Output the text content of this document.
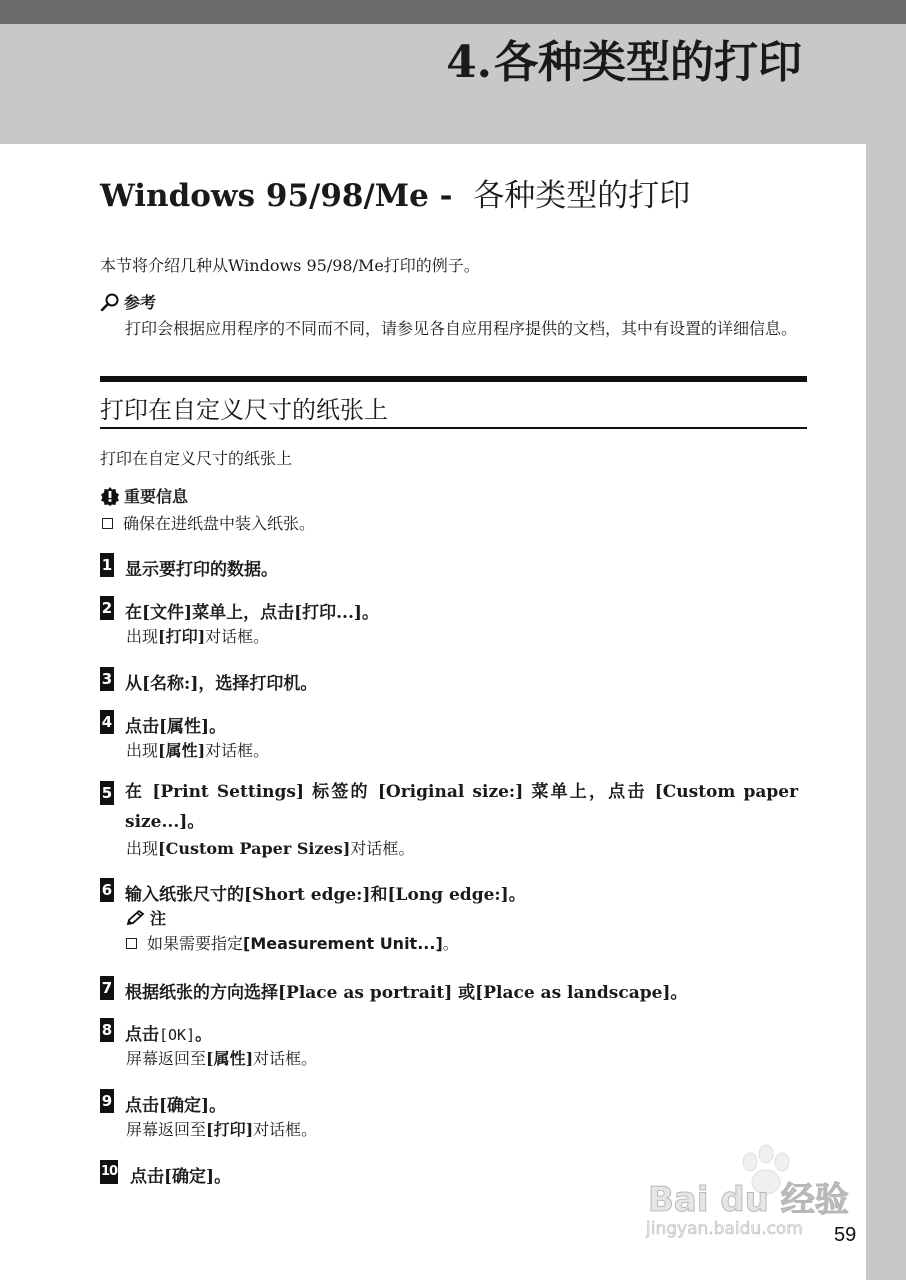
4.各种类型的打印
Windows 95/98/Me - 各种类型的打印
本节将介绍几种从Windows 95/98/Me打印的例子。
参考
打印会根据应用程序的不同而不同，请参见各自应用程序提供的文档，其中有设置的详细信息。
打印在自定义尺寸的纸张上
打印在自定义尺寸的纸张上
重要信息
确保在进纸盘中装入纸张。
1 显示要打印的数据。
2 在[文件]菜单上，点击[打印...]。
出现[打印]对话框。
3 从[名称:]，选择打印机。
4 点击[属性]。
出现[属性]对话框。
5 在 [Print Settings] 标签的 [Original size:] 菜单上，点击 [Custom paper
size...]。
出现[Custom Paper Sizes]对话框。
6 输入纸张尺寸的[Short edge:]和[Long edge:]。
注
如果需要指定[Measurement Unit...]。
7 根据纸张的方向选择[Place as portrait] 或[Place as landscape]。
8 点击[OK]。
屏幕返回至[属性]对话框。
9 点击[确定]。
屏幕返回至[打印]对话框。
10 点击[确定]。
Bai du 经验
jingyan.baidu.com 59
